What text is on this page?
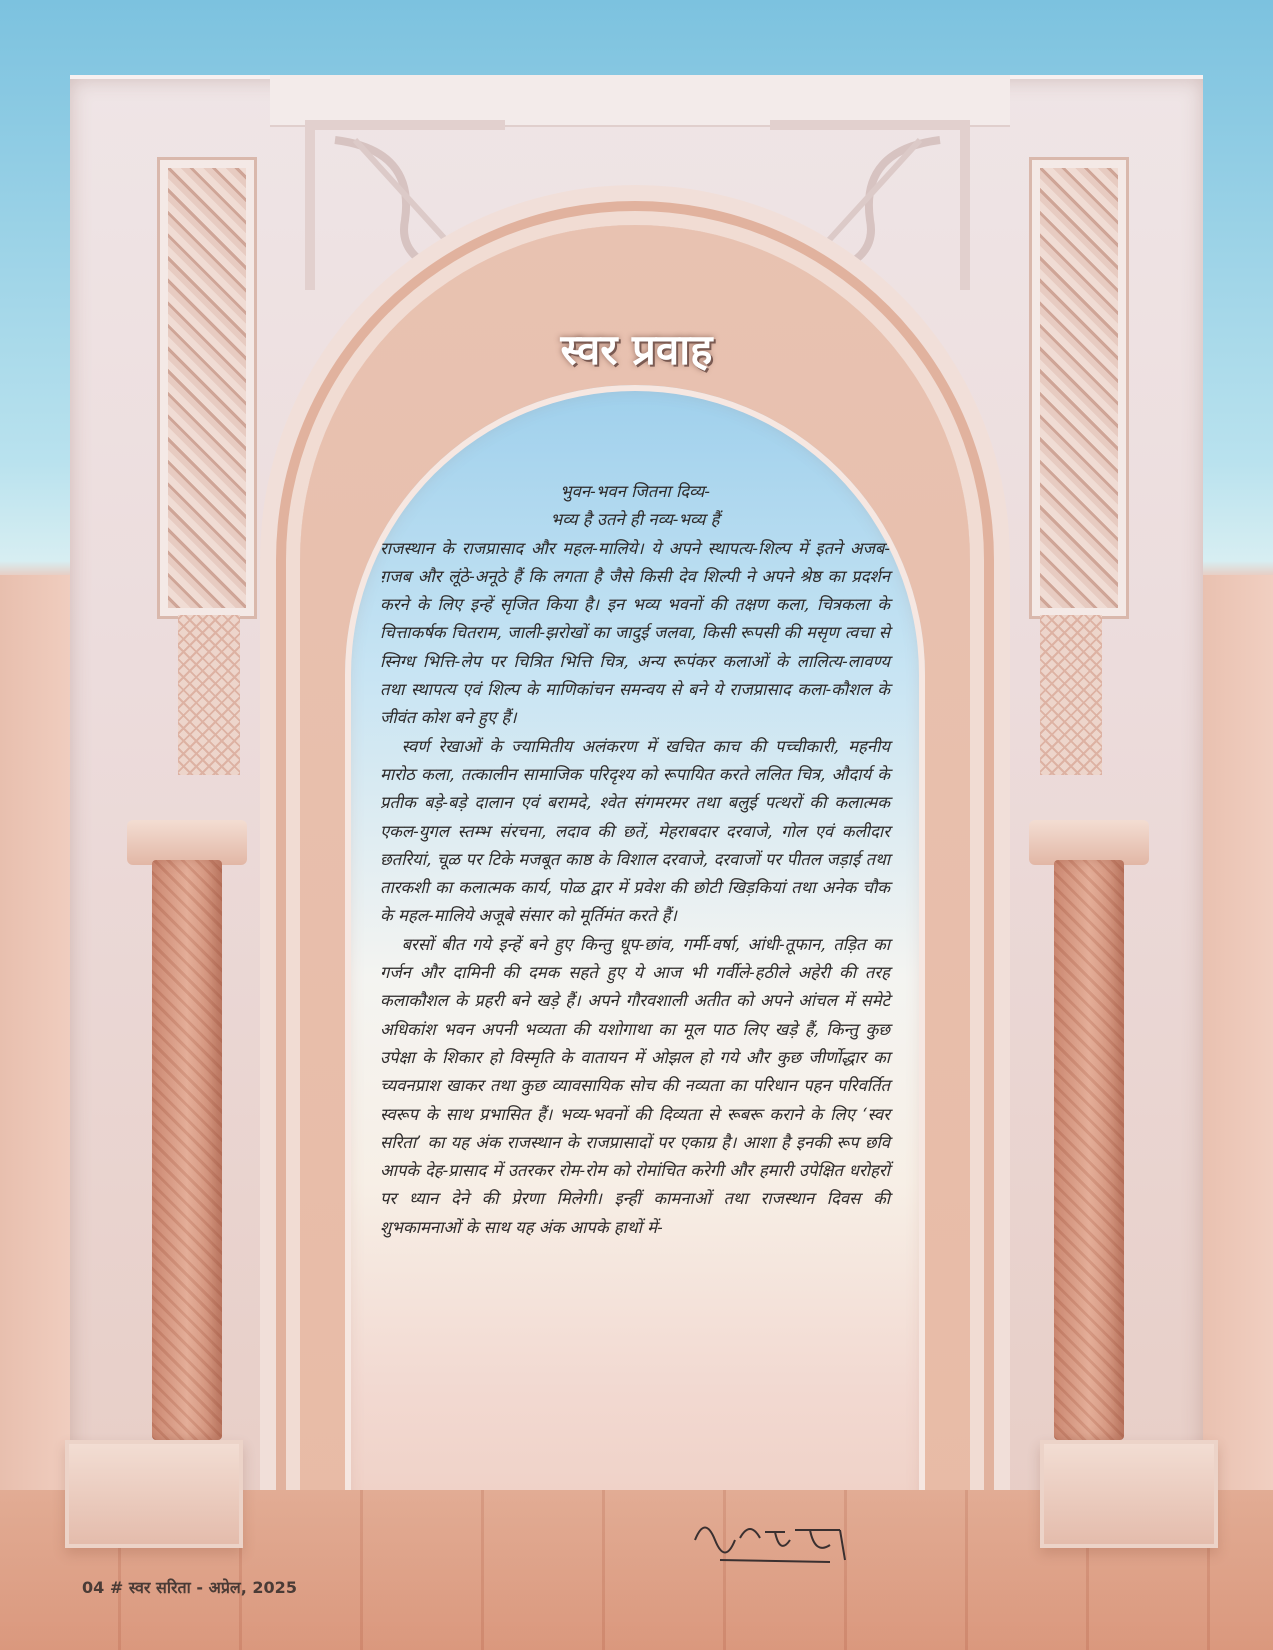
स्वर प्रवाह
भुवन-भवन जितना दिव्य-
भव्य है उतने ही नव्य-भव्य हैं

राजस्थान के राजप्रासाद और महल-मालिये। ये अपने स्थापत्य-शिल्प में इतने अजब-ग़जब और लूंठे-अनूठे हैं कि लगता है जैसे किसी देव शिल्पी ने अपने श्रेष्ठ का प्रदर्शन करने के लिए इन्हें सृजित किया है। इन भव्य भवनों की तक्षण कला, चित्रकला के चित्ताकर्षक चितराम, जाली-झरोखों का जादुई जलवा, किसी रूपसी की मसृण त्वचा से स्निग्ध भित्ति-लेप पर चित्रित भित्ति चित्र, अन्य रूपंकर कलाओं के लालित्य-लावण्य तथा स्थापत्य एवं शिल्प के माणिकांचन समन्वय से बने ये राजप्रासाद कला-कौशल के जीवंत कोश बने हुए हैं।

स्वर्ण रेखाओं के ज्यामितीय अलंकरण में खचित काच की पच्चीकारी, महनीय मारोठ कला, तत्कालीन सामाजिक परिदृश्य को रूपायित करते ललित चित्र, औदार्य के प्रतीक बड़े-बड़े दालान एवं बरामदे, श्वेत संगमरमर तथा बलुई पत्थरों की कलात्मक एकल-युगल स्तम्भ संरचना, लदाव की छतें, मेहराबदार दरवाजे, गोल एवं कलीदार छतरियां, चूळ पर टिके मजबूत काष्ठ के विशाल दरवाजे, दरवाजों पर पीतल जड़ाई तथा तारकशी का कलात्मक कार्य, पोळ द्वार में प्रवेश की छोटी खिड़कियां तथा अनेक चौक के महल-मालिये अजूबे संसार को मूर्तिमंत करते हैं।

बरसों बीत गये इन्हें बने हुए किन्तु धूप-छांव, गर्मी-वर्षा, आंधी-तूफान, तड़ित का गर्जन और दामिनी की दमक सहते हुए ये आज भी गर्वीले-हठीले अहेरी की तरह कलाकौशल के प्रहरी बने खड़े हैं। अपने गौरवशाली अतीत को अपने आंचल में समेटे अधिकांश भवन अपनी भव्यता की यशोगाथा का मूल पाठ लिए खड़े हैं, किन्तु कुछ उपेक्षा के शिकार हो विस्मृति के वातायन में ओझल हो गये और कुछ जीर्णोद्धार का च्यवनप्राश खाकर तथा कुछ व्यावसायिक सोच की नव्यता का परिधान पहन परिवर्तित स्वरूप के साथ प्रभासित हैं। भव्य-भवनों की दिव्यता से रूबरू कराने के लिए ‘स्वर सरिता’ का यह अंक राजस्थान के राजप्रासादों पर एकाग्र है। आशा है इनकी रूप छवि आपके देह-प्रासाद में उतरकर रोम-रोम को रोमांचित करेगी और हमारी उपेक्षित धरोहरों पर ध्यान देने की प्रेरणा मिलेगी। इन्हीं कामनाओं तथा राजस्थान दिवस की शुभकामनाओं के साथ यह अंक आपके हाथों में-

04 # स्वर सरिता - अप्रेल, 2025
